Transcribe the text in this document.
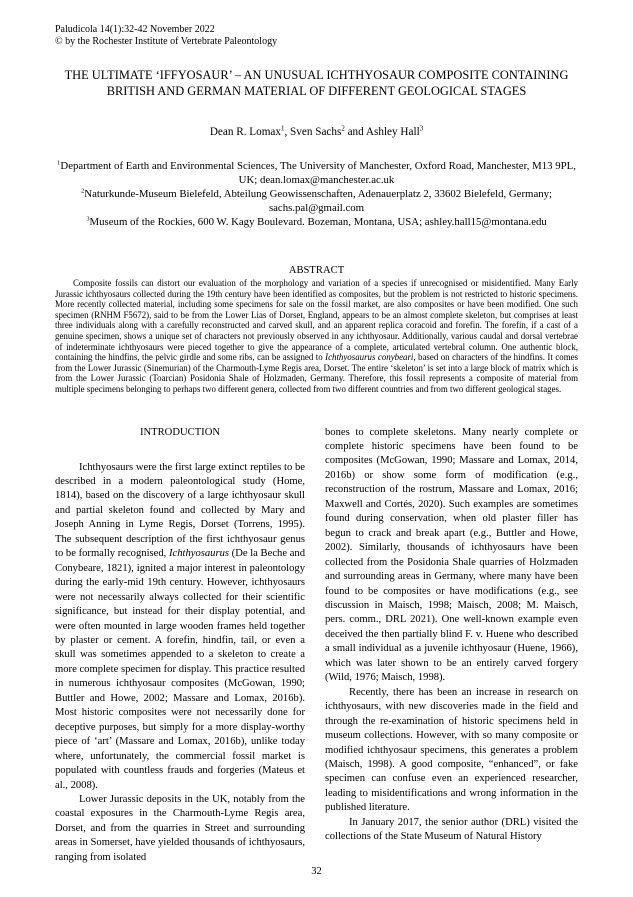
Paludicola 14(1):32-42 November 2022
© by the Rochester Institute of Vertebrate Paleontology
THE ULTIMATE ‘IFFYOSAUR’ – AN UNUSUAL ICHTHYOSAUR COMPOSITE CONTAINING BRITISH AND GERMAN MATERIAL OF DIFFERENT GEOLOGICAL STAGES
Dean R. Lomax$^1$, Sven Sachs$^2$ and Ashley Hall$^3$
$^1$Department of Earth and Environmental Sciences, The University of Manchester, Oxford Road, Manchester, M13 9PL, UK; dean.lomax@manchester.ac.uk
$^2$Naturkunde-Museum Bielefeld, Abteilung Geowissenschaften, Adenauerplatz 2, 33602 Bielefeld, Germany; sachs.pal@gmail.com
$^3$Museum of the Rockies, 600 W. Kagy Boulevard. Bozeman, Montana, USA; ashley.hall15@montana.edu
ABSTRACT
Composite fossils can distort our evaluation of the morphology and variation of a species if unrecognised or misidentified. Many Early Jurassic ichthyosaurs collected during the 19th century have been identified as composites, but the problem is not restricted to historic specimens. More recently collected material, including some specimens for sale on the fossil market, are also composites or have been modified. One such specimen (RNHM F5672), said to be from the Lower Lias of Dorset, England, appears to be an almost complete skeleton, but comprises at least three individuals along with a carefully reconstructed and carved skull, and an apparent replica coracoid and forefin. The forefin, if a cast of a genuine specimen, shows a unique set of characters not previously observed in any ichthyosaur. Additionally, various caudal and dorsal vertebrae of indeterminate ichthyosaurs were pieced together to give the appearance of a complete, articulated vertebral column. One authentic block, containing the hindfins, the pelvic girdle and some ribs, can be assigned to Ichthyosaurus conybeari, based on characters of the hindfins. It comes from the Lower Jurassic (Sinemurian) of the Charmouth-Lyme Regis area, Dorset. The entire ‘skeleton’ is set into a large block of matrix which is from the Lower Jurassic (Toarcian) Posidonia Shale of Holzmaden, Germany. Therefore, this fossil represents a composite of material from multiple specimens belonging to perhaps two different genera, collected from two different countries and from two different geological stages.
INTRODUCTION

Ichthyosaurs were the first large extinct reptiles to be described in a modern paleontological study (Home, 1814), based on the discovery of a large ichthyosaur skull and partial skeleton found and collected by Mary and Joseph Anning in Lyme Regis, Dorset (Torrens, 1995). The subsequent description of the first ichthyosaur genus to be formally recognised, Ichthyosaurus (De la Beche and Conybeare, 1821), ignited a major interest in paleontology during the early-mid 19th century. However, ichthyosaurs were not necessarily always collected for their scientific significance, but instead for their display potential, and were often mounted in large wooden frames held together by plaster or cement. A forefin, hindfin, tail, or even a skull was sometimes appended to a skeleton to create a more complete specimen for display. This practice resulted in numerous ichthyosaur composites (McGowan, 1990; Buttler and Howe, 2002; Massare and Lomax, 2016b). Most historic composites were not necessarily done for deceptive purposes, but simply for a more display-worthy piece of ‘art’ (Massare and Lomax, 2016b), unlike today where, unfortunately, the commercial fossil market is populated with countless frauds and forgeries (Mateus et al., 2008).

Lower Jurassic deposits in the UK, notably from the coastal exposures in the Charmouth-Lyme Regis area, Dorset, and from the quarries in Street and surrounding areas in Somerset, have yielded thousands of ichthyosaurs, ranging from isolated

bones to complete skeletons. Many nearly complete or complete historic specimens have been found to be composites (McGowan, 1990; Massare and Lomax, 2014, 2016b) or show some form of modification (e.g., reconstruction of the rostrum, Massare and Lomax, 2016; Maxwell and Cortés, 2020). Such examples are sometimes found during conservation, when old plaster filler has begun to crack and break apart (e.g., Buttler and Howe, 2002). Similarly, thousands of ichthyosaurs have been collected from the Posidonia Shale quarries of Holzmaden and surrounding areas in Germany, where many have been found to be composites or have modifications (e.g., see discussion in Maisch, 1998; Maisch, 2008; M. Maisch, pers. comm., DRL 2021). One well-known example even deceived the then partially blind F. v. Huene who described a small individual as a juvenile ichthyosaur (Huene, 1966), which was later shown to be an entirely carved forgery (Wild, 1976; Maisch, 1998).

Recently, there has been an increase in research on ichthyosaurs, with new discoveries made in the field and through the re-examination of historic specimens held in museum collections. However, with so many composite or modified ichthyosaur specimens, this generates a problem (Maisch, 1998). A good composite, “enhanced”, or fake specimen can confuse even an experienced researcher, leading to misidentifications and wrong information in the published literature.

In January 2017, the senior author (DRL) visited the collections of the State Museum of Natural History

32
